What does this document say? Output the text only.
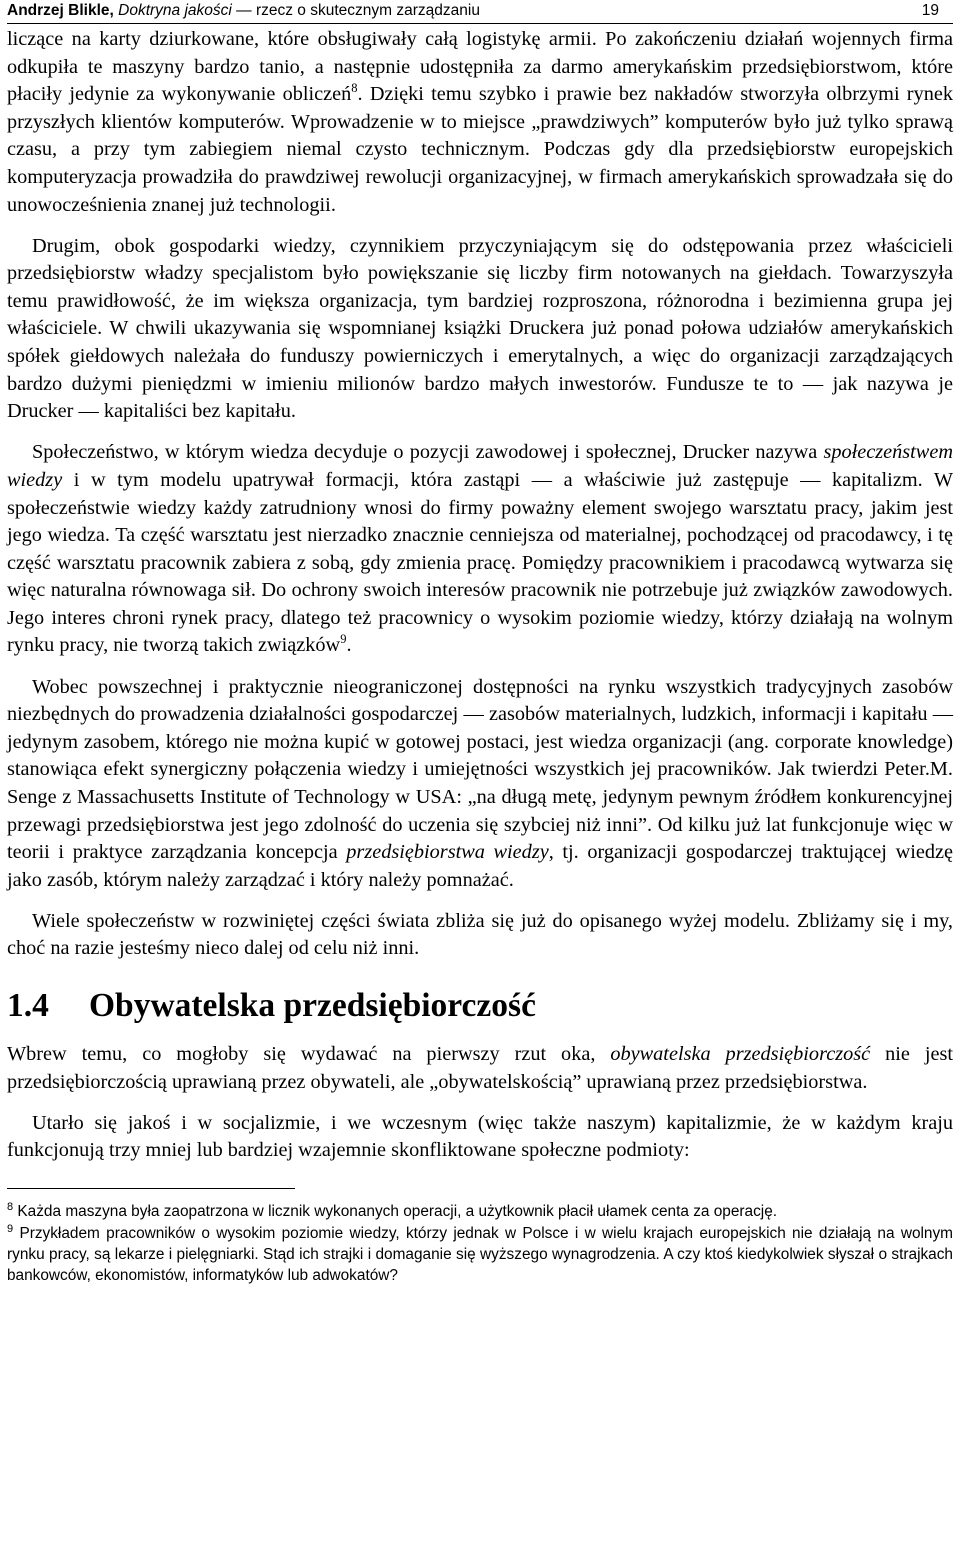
Andrzej Blikle, Doktryna jakości — rzecz o skutecznym zarządzaniu	19

liczące na karty dziurkowane, które obsługiwały całą logistykę armii. Po zakończeniu działań wojennych firma odkupiła te maszyny bardzo tanio, a następnie udostępniła za darmo amerykańskim przedsiębiorstwom, które płaciły jedynie za wykonywanie obliczeń$^8$. Dzięki temu szybko i prawie bez nakładów stworzyła olbrzymi rynek przyszłych klientów komputerów. Wprowadzenie w to miejsce „prawdziwych” komputerów było już tylko sprawą czasu, a przy tym zabiegiem niemal czysto technicznym. Podczas gdy dla przedsiębiorstw europejskich komputeryzacja prowadziła do prawdziwej rewolucji organizacyjnej, w firmach amerykańskich sprowadzała się do unowocześnienia znanej już technologii.

Drugim, obok gospodarki wiedzy, czynnikiem przyczyniającym się do odstępowania przez właścicieli przedsiębiorstw władzy specjalistom było powiększanie się liczby firm notowanych na giełdach. Towarzyszyła temu prawidłowość, że im większa organizacja, tym bardziej rozproszona, różnorodna i bezimienna grupa jej właściciele. W chwili ukazywania się wspomnianej książki Druckera już ponad połowa udziałów amerykańskich spółek giełdowych należała do funduszy powierniczych i emerytalnych, a więc do organizacji zarządzających bardzo dużymi pieniędzmi w imieniu milionów bardzo małych inwestorów. Fundusze te to — jak nazywa je Drucker — kapitaliści bez kapitału.

Społeczeństwo, w którym wiedza decyduje o pozycji zawodowej i społecznej, Drucker nazywa społeczeństwem wiedzy i w tym modelu upatrywał formacji, która zastąpi — a właściwie już zastępuje — kapitalizm. W społeczeństwie wiedzy każdy zatrudniony wnosi do firmy poważny element swojego warsztatu pracy, jakim jest jego wiedza. Ta część warsztatu jest nierzadko znacznie cenniejsza od materialnej, pochodzącej od pracodawcy, i tę część warsztatu pracownik zabiera z sobą, gdy zmienia pracę. Pomiędzy pracownikiem i pracodawcą wytwarza się więc naturalna równowaga sił. Do ochrony swoich interesów pracownik nie potrzebuje już związków zawodowych. Jego interes chroni rynek pracy, dlatego też pracownicy o wysokim poziomie wiedzy, którzy działają na wolnym rynku pracy, nie tworzą takich związków$^9$.

Wobec powszechnej i praktycznie nieograniczonej dostępności na rynku wszystkich tradycyjnych zasobów niezbędnych do prowadzenia działalności gospodarczej — zasobów materialnych, ludzkich, informacji i kapitału — jedynym zasobem, którego nie można kupić w gotowej postaci, jest wiedza organizacji (ang. corporate knowledge) stanowiąca efekt synergiczny połączenia wiedzy i umiejętności wszystkich jej pracowników. Jak twierdzi Peter.M. Senge z Massachusetts Institute of Technology w USA: „na długą metę, jedynym pewnym źródłem konkurencyjnej przewagi przedsiębiorstwa jest jego zdolność do uczenia się szybciej niż inni”. Od kilku już lat funkcjonuje więc w teorii i praktyce zarządzania koncepcja przedsiębiorstwa wiedzy, tj. organizacji gospodarczej traktującej wiedzę jako zasób, którym należy zarządzać i który należy pomnażać.

Wiele społeczeństw w rozwiniętej części świata zbliża się już do opisanego wyżej modelu. Zbliżamy się i my, choć na razie jesteśmy nieco dalej od celu niż inni.

1.4 Obywatelska przedsiębiorczość

Wbrew temu, co mogłoby się wydawać na pierwszy rzut oka, obywatelska przedsiębiorczość nie jest przedsiębiorczością uprawianą przez obywateli, ale „obywatelskością” uprawianą przez przedsiębiorstwa.

Utarło się jakoś i w socjalizmie, i we wczesnym (więc także naszym) kapitalizmie, że w każdym kraju funkcjonują trzy mniej lub bardziej wzajemnie skonfliktowane społeczne podmioty:

$^8$ Każda maszyna była zaopatrzona w licznik wykonanych operacji, a użytkownik płacił ułamek centa za operację.

$^9$ Przykładem pracowników o wysokim poziomie wiedzy, którzy jednak w Polsce i w wielu krajach europejskich nie działają na wolnym rynku pracy, są lekarze i pielęgniarki. Stąd ich strajki i domaganie się wyższego wynagrodzenia. A czy ktoś kiedykolwiek słyszał o strajkach bankowców, ekonomistów, informatyków lub adwokatów?
